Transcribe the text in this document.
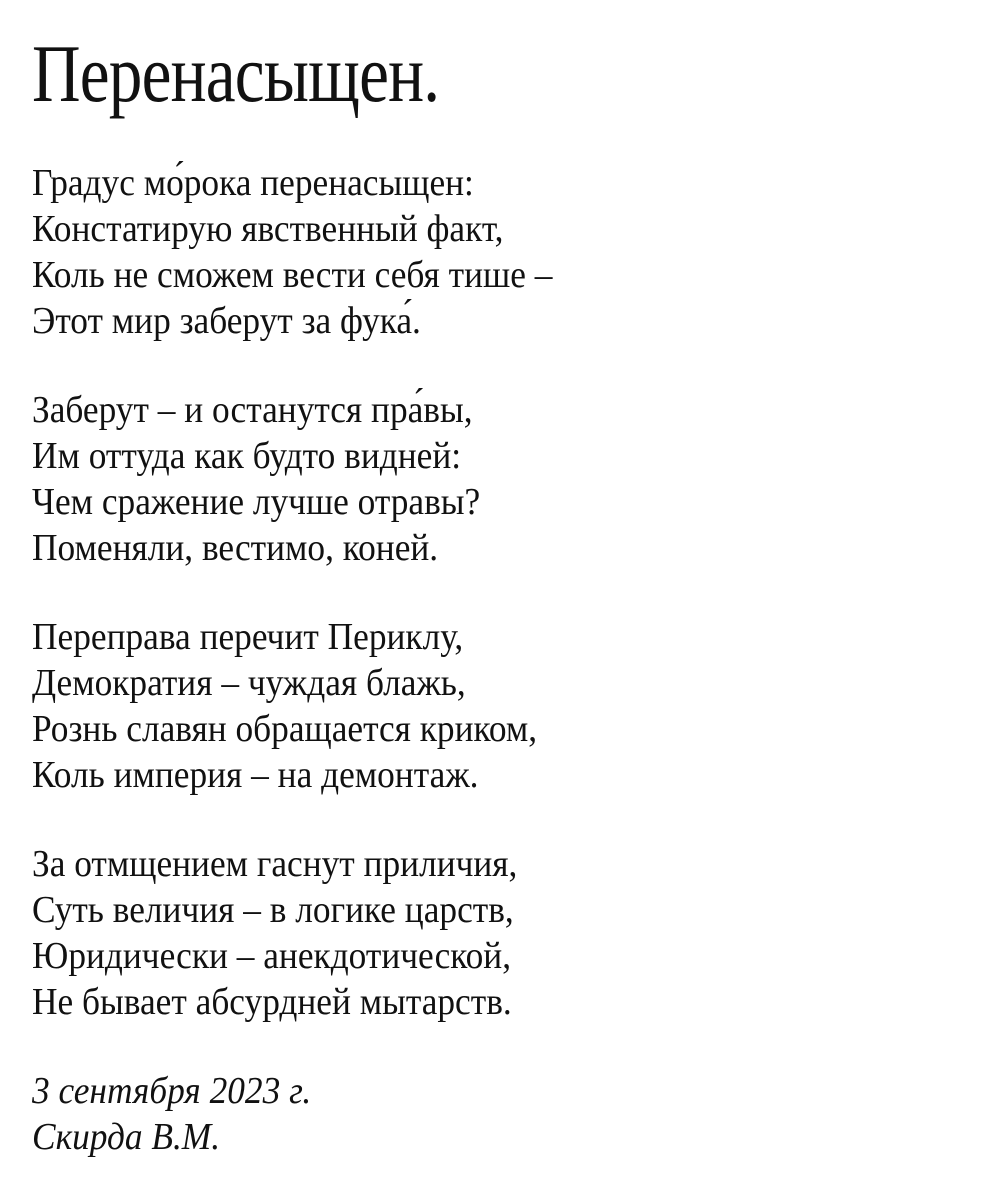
Перенасыщен.
Градус мо́рока перенасыщен:
Констатирую явственный факт,
Коль не сможем вести себя тише –
Этот мир заберут за фука́.
Заберут – и останутся пра́вы,
Им оттуда как будто видней:
Чем сражение лучше отравы?
Поменяли, вестимо, коней.
Переправа перечит Периклу,
Демократия – чуждая блажь,
Рознь славян обращается криком,
Коль империя – на демонтаж.
За отмщением гаснут приличия,
Суть величия – в логике царств,
Юридически – анекдотической,
Не бывает абсурдней мытарств.
3 сентября 2023 г.
Скирда В.М.
